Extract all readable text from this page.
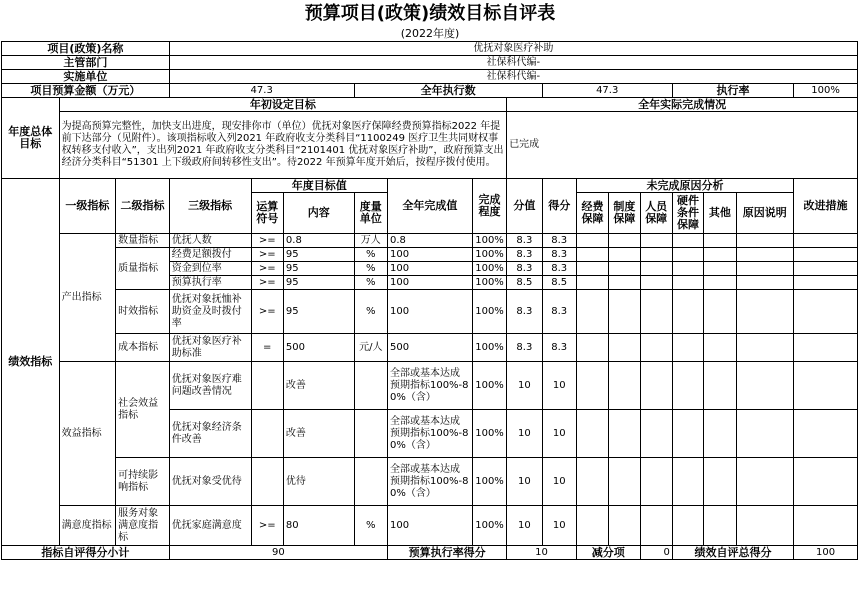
预算项目(政策)绩效目标自评表
(2022年度)
项目(政策)名称			优抚对象医疗补助														
主管部门			社保科代编-														
实施单位			社保科代编-														
项目预算金额（万元）			47.3			全年执行数				47.3				执行率			100%
年度总体目标	年初设定目标								全年实际完成情况								
	为提高预算完整性，加快支出进度，现安排你市（单位）优抚对象医疗保障经费预算指标2022 年提前下达部分（见附件）。该项指标收入列2021 年政府收支分类科目“1100249 医疗卫生共同财权事权转移支付收入”，支出列2021 年政府收支分类科目“2101401 优抚对象医疗补助”，政府预算支出经济分类科目“51301 上下级政府间转移性支出”。待2022 年预算年度开始后，按程序拨付使用。								已完成								
绩效指标	一级指标	二级指标	三级指标	年度目标值			全年完成值	完成程度	分值	得分	未完成原因分析						改进措施
				运算符号	内容	度量单位					经费保障	制度保障	人员保障	硬件条件保障	其他	原因说明	
	产出指标	数量指标	优抚人数	>=	0.8	万人	0.8	100%	8.3	8.3							
		质量指标	经费足额拨付	>=	95	%	100	100%	8.3	8.3							
			资金到位率	>=	95	%	100	100%	8.3	8.3							
			预算执行率	>=	95	%	100	100%	8.5	8.5							
		时效指标	优抚对象抚恤补助资金及时拨付率	>=	95	%	100	100%	8.3	8.3							
		成本指标	优抚对象医疗补助标准	=	500	元/人	500	100%	8.3	8.3							
	效益指标	社会效益指标	优抚对象医疗难问题改善情况		改善		全部或基本达成预期指标100%-80%（含）	100%	10	10							
			优抚对象经济条件改善		改善		全部或基本达成预期指标100%-80%（含）	100%	10	10							
		可持续影响指标	优抚对象受优待		优待		全部或基本达成预期指标100%-80%（含）	100%	10	10							
	满意度指标	服务对象满意度指标	优抚家庭满意度	>=	80	%	100	100%	10	10							
指标自评得分小计			90				预算执行率得分		10		减分项		0	绩效自评总得分			100
